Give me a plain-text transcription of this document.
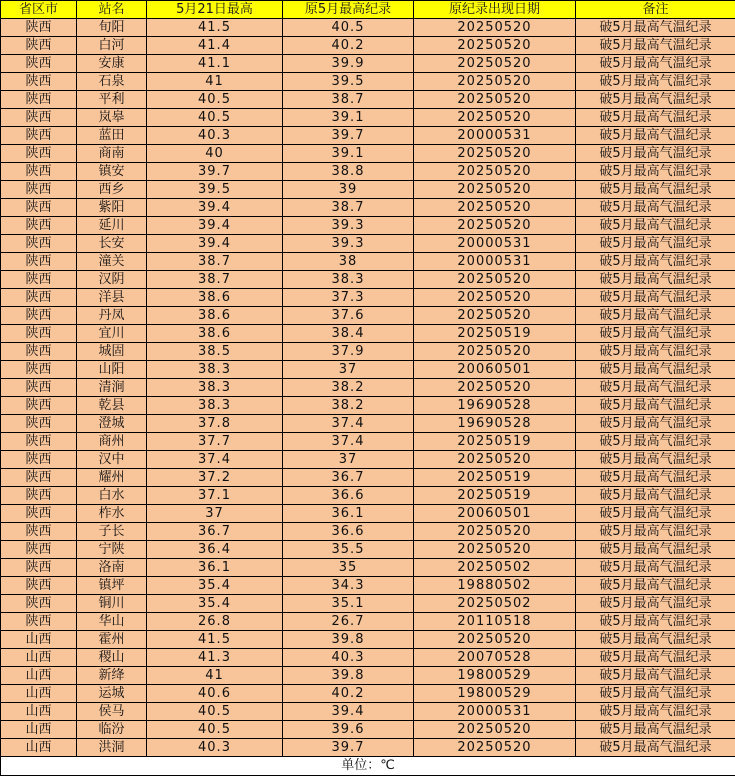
省区市	站名	5月21日最高	原5月最高纪录	原纪录出现日期	备注
陕西	旬阳	41.5	40.5	20250520	破5月最高气温纪录
陕西	白河	41.4	40.2	20250520	破5月最高气温纪录
陕西	安康	41.1	39.9	20250520	破5月最高气温纪录
陕西	石泉	41	39.5	20250520	破5月最高气温纪录
陕西	平利	40.5	38.7	20250520	破5月最高气温纪录
陕西	岚皋	40.5	39.1	20250520	破5月最高气温纪录
陕西	蓝田	40.3	39.7	20000531	破5月最高气温纪录
陕西	商南	40	39.1	20250520	破5月最高气温纪录
陕西	镇安	39.7	38.8	20250520	破5月最高气温纪录
陕西	西乡	39.5	39	20250520	破5月最高气温纪录
陕西	紫阳	39.4	38.7	20250520	破5月最高气温纪录
陕西	延川	39.4	39.3	20250520	破5月最高气温纪录
陕西	长安	39.4	39.3	20000531	破5月最高气温纪录
陕西	潼关	38.7	38	20000531	破5月最高气温纪录
陕西	汉阴	38.7	38.3	20250520	破5月最高气温纪录
陕西	洋县	38.6	37.3	20250520	破5月最高气温纪录
陕西	丹凤	38.6	37.6	20250520	破5月最高气温纪录
陕西	宜川	38.6	38.4	20250519	破5月最高气温纪录
陕西	城固	38.5	37.9	20250520	破5月最高气温纪录
陕西	山阳	38.3	37	20060501	破5月最高气温纪录
陕西	清涧	38.3	38.2	20250520	破5月最高气温纪录
陕西	乾县	38.3	38.2	19690528	破5月最高气温纪录
陕西	澄城	37.8	37.4	19690528	破5月最高气温纪录
陕西	商州	37.7	37.4	20250519	破5月最高气温纪录
陕西	汉中	37.4	37	20250520	破5月最高气温纪录
陕西	耀州	37.2	36.7	20250519	破5月最高气温纪录
陕西	白水	37.1	36.6	20250519	破5月最高气温纪录
陕西	柞水	37	36.1	20060501	破5月最高气温纪录
陕西	子长	36.7	36.6	20250520	破5月最高气温纪录
陕西	宁陕	36.4	35.5	20250520	破5月最高气温纪录
陕西	洛南	36.1	35	20250502	破5月最高气温纪录
陕西	镇坪	35.4	34.3	19880502	破5月最高气温纪录
陕西	铜川	35.4	35.1	20250502	破5月最高气温纪录
陕西	华山	26.8	26.7	20110518	破5月最高气温纪录
山西	霍州	41.5	39.8	20250520	破5月最高气温纪录
山西	稷山	41.3	40.3	20070528	破5月最高气温纪录
山西	新绛	41	39.8	19800529	破5月最高气温纪录
山西	运城	40.6	40.2	19800529	破5月最高气温纪录
山西	侯马	40.5	39.4	20000531	破5月最高气温纪录
山西	临汾	40.5	39.6	20250520	破5月最高气温纪录
山西	洪洞	40.3	39.7	20250520	破5月最高气温纪录
单位：℃					
